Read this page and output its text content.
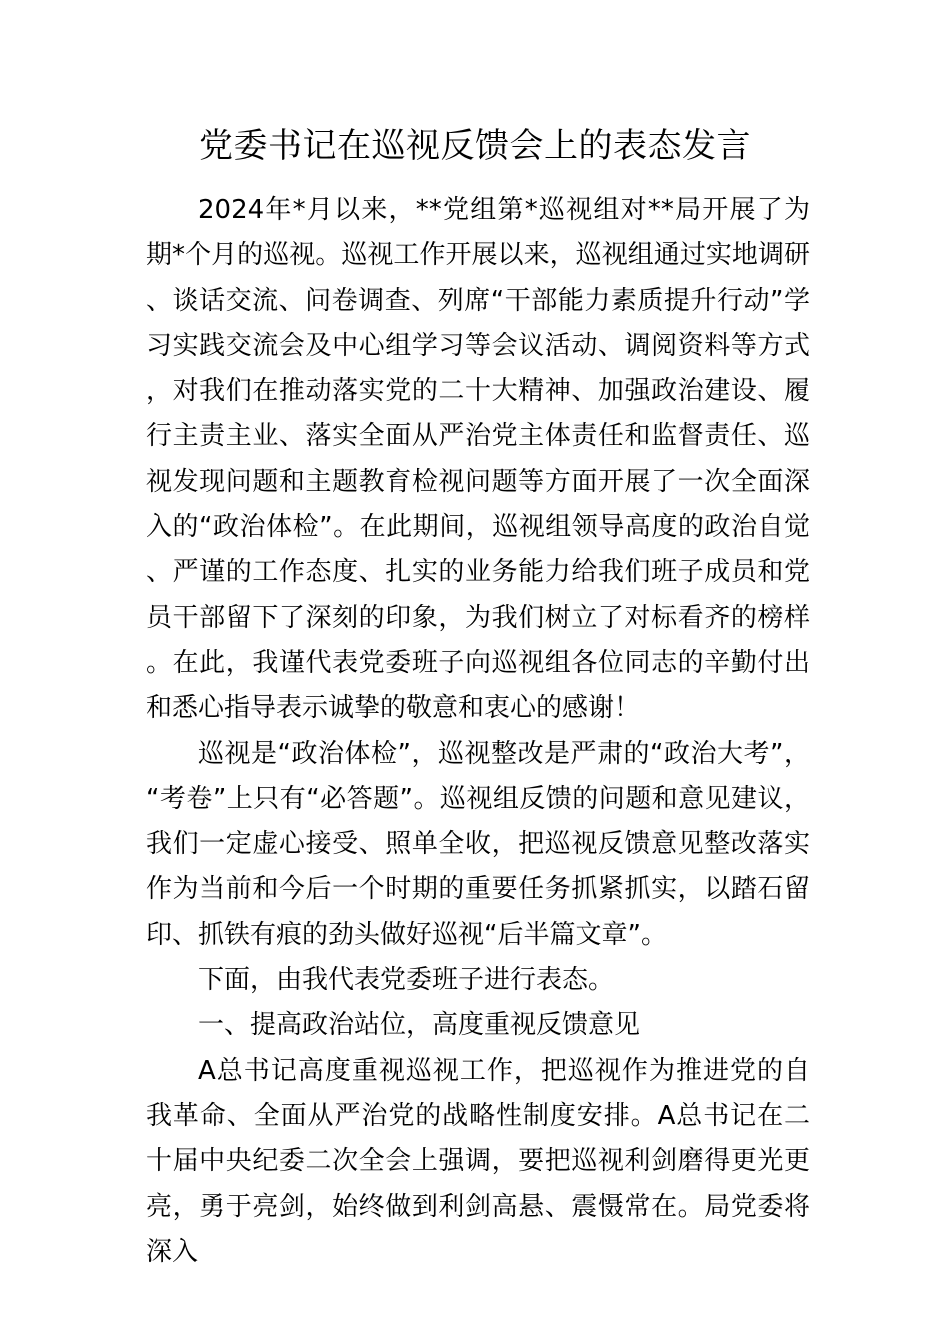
党委书记在巡视反馈会上的表态发言

2024年*月以来，**党组第*巡视组对**局开展了为期*个月的巡视。巡视工作开展以来，巡视组通过实地调研、谈话交流、问卷调查、列席“干部能力素质提升行动”学习实践交流会及中心组学习等会议活动、调阅资料等方式，对我们在推动落实党的二十大精神、加强政治建设、履行主责主业、落实全面从严治党主体责任和监督责任、巡视发现问题和主题教育检视问题等方面开展了一次全面深入的“政治体检”。在此期间，巡视组领导高度的政治自觉、严谨的工作态度、扎实的业务能力给我们班子成员和党员干部留下了深刻的印象，为我们树立了对标看齐的榜样。在此，我谨代表党委班子向巡视组各位同志的辛勤付出和悉心指导表示诚挚的敬意和衷心的感谢！

巡视是“政治体检”，巡视整改是严肃的“政治大考”，“考卷”上只有“必答题”。巡视组反馈的问题和意见建议，我们一定虚心接受、照单全收，把巡视反馈意见整改落实作为当前和今后一个时期的重要任务抓紧抓实，以踏石留印、抓铁有痕的劲头做好巡视“后半篇文章”。

下面，由我代表党委班子进行表态。

一、提高政治站位，高度重视反馈意见

A总书记高度重视巡视工作，把巡视作为推进党的自我革命、全面从严治党的战略性制度安排。A总书记在二十届中央纪委二次全会上强调，要把巡视利剑磨得更光更亮，勇于亮剑，始终做到利剑高悬、震慑常在。局党委将深入
